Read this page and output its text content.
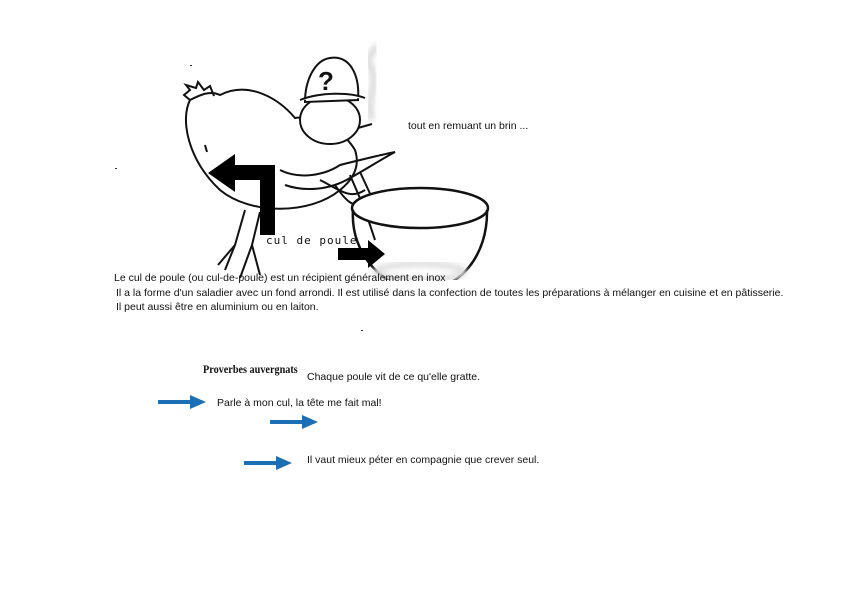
?
tout en remuant un brin ...
cul de poule
Le cul de poule (ou cul-de-poule) est un récipient généralement en inox
Il a la forme d'un saladier avec un fond arrondi. Il est utilisé dans la confection de toutes les préparations à mélanger en cuisine et en pâtisserie.
Il peut aussi être en aluminium ou en laiton.
Proverbes auvergnats
Chaque poule vit de ce qu'elle gratte.
Parle à mon cul, la tête me fait mal!
Il vaut mieux péter en compagnie que crever seul.
